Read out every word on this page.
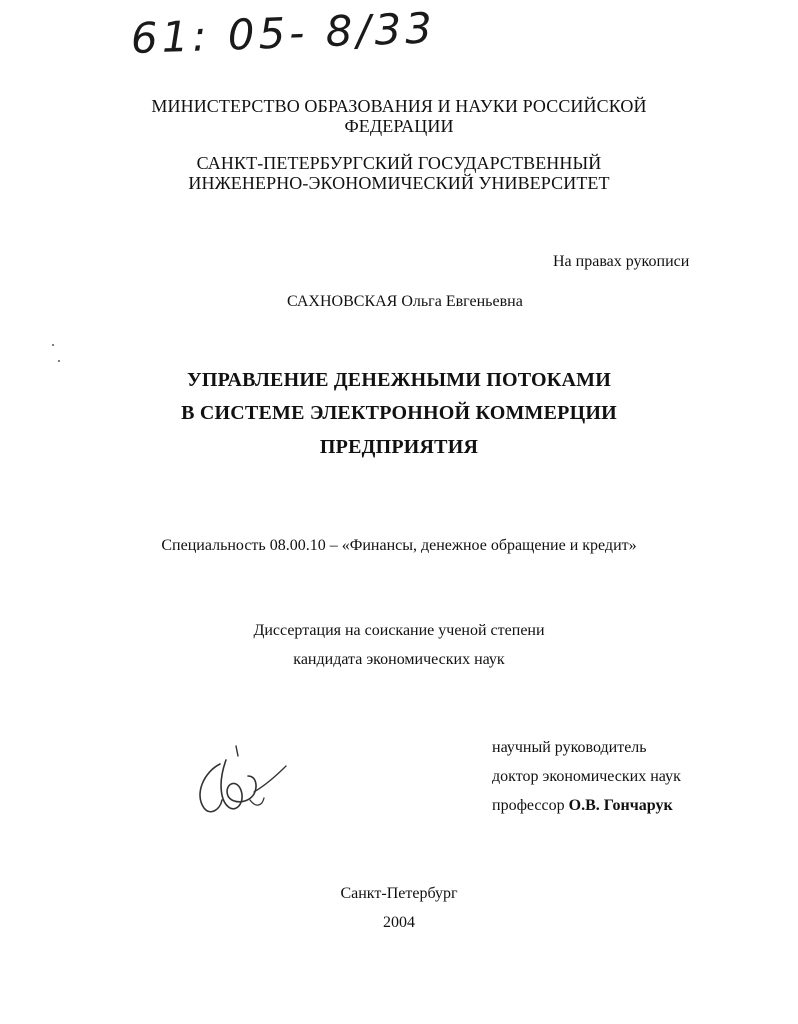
61: 05- 8/33
МИНИСТЕРСТВО ОБРАЗОВАНИЯ И НАУКИ РОССИЙСКОЙ
ФЕДЕРАЦИИ
САНКТ-ПЕТЕРБУРГСКИЙ ГОСУДАРСТВЕННЫЙ
ИНЖЕНЕРНО-ЭКОНОМИЧЕСКИЙ УНИВЕРСИТЕТ
На правах рукописи
САХНОВСКАЯ Ольга Евгеньевна
УПРАВЛЕНИЕ ДЕНЕЖНЫМИ ПОТОКАМИ
В СИСТЕМЕ ЭЛЕКТРОННОЙ КОММЕРЦИИ
ПРЕДПРИЯТИЯ
Специальность 08.00.10 – «Финансы, денежное обращение и кредит»
Диссертация на соискание ученой степени
кандидата экономических наук
научный руководитель
доктор экономических наук
профессор О.В. Гончарук
Санкт-Петербург
2004
